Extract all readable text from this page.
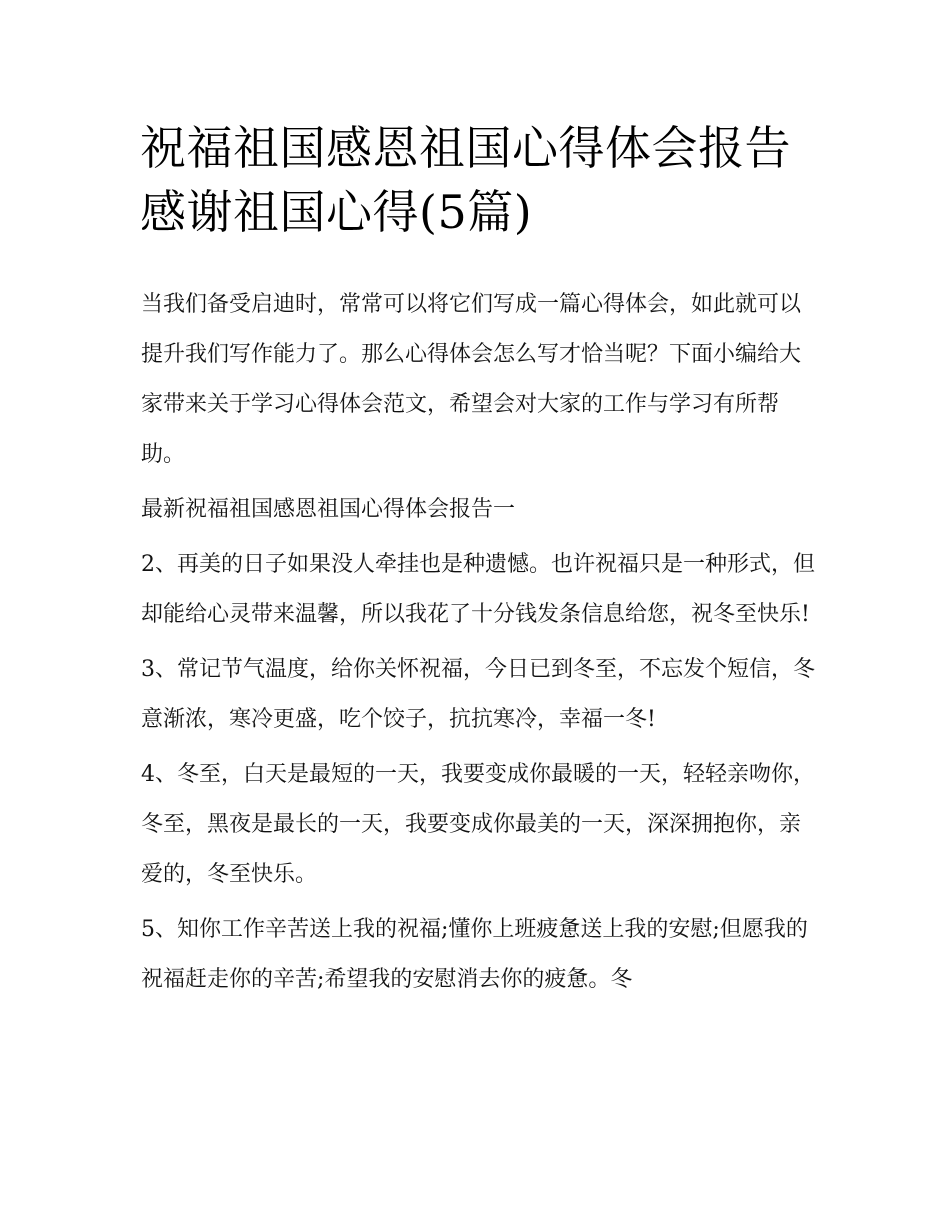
祝福祖国感恩祖国心得体会报告 感谢祖国心得(5篇)

当我们备受启迪时，常常可以将它们写成一篇心得体会，如此就可以提升我们写作能力了。那么心得体会怎么写才恰当呢？下面小编给大家带来关于学习心得体会范文，希望会对大家的工作与学习有所帮助。

最新祝福祖国感恩祖国心得体会报告一

2、再美的日子如果没人牵挂也是种遗憾。也许祝福只是一种形式，但却能给心灵带来温馨，所以我花了十分钱发条信息给您，祝冬至快乐!

3、常记节气温度，给你关怀祝福，今日已到冬至，不忘发个短信，冬意渐浓，寒冷更盛，吃个饺子，抗抗寒冷，幸福一冬!

4、冬至，白天是最短的一天，我要变成你最暖的一天，轻轻亲吻你，冬至，黑夜是最长的一天，我要变成你最美的一天，深深拥抱你，亲爱的，冬至快乐。

5、知你工作辛苦送上我的祝福;懂你上班疲惫送上我的安慰;但愿我的祝福赶走你的辛苦;希望我的安慰消去你的疲惫。冬
